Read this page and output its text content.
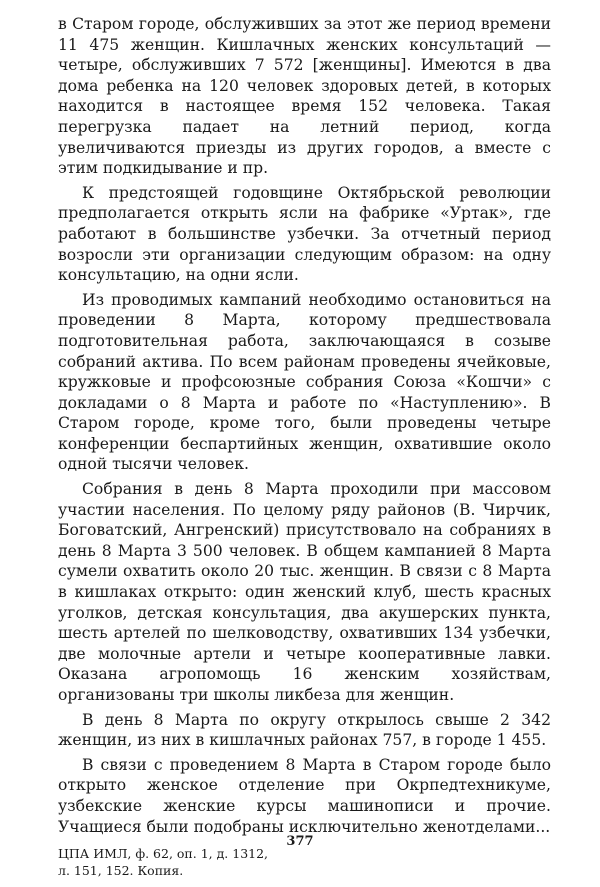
в Старом городе, обслуживших за этот же период времени 11 475 женщин. Кишлачных женских консультаций — четыре, обслуживших 7 572 [женщины]. Имеются в два дома ребенка на 120 человек здоровых детей, в которых находится в настоящее время 152 человека. Такая перегрузка падает на летний период, когда увеличиваются приезды из других городов, а вместе с этим подкидывание и пр.

К предстоящей годовщине Октябрьской революции предполагается открыть ясли на фабрике «Уртак», где работают в большинстве узбечки. За отчетный период возросли эти организации следующим образом: на одну консультацию, на одни ясли.

Из проводимых кампаний необходимо остановиться на проведении 8 Марта, которому предшествовала подготовительная работа, заключающаяся в созыве собраний актива. По всем районам проведены ячейковые, кружковые и профсоюзные собрания Союза «Кошчи» с докладами о 8 Марта и работе по «Наступлению». В Старом городе, кроме того, были проведены четыре конференции беспартийных женщин, охватившие около одной тысячи человек.

Собрания в день 8 Марта проходили при массовом участии населения. По целому ряду районов (В. Чирчик, Боговатский, Ангренский) присутствовало на собраниях в день 8 Марта 3 500 человек. В общем кампанией 8 Марта сумели охватить около 20 тыс. женщин. В связи с 8 Марта в кишлаках открыто: один женский клуб, шесть красных уголков, детская консультация, два акушерских пункта, шесть артелей по шелководству, охвативших 134 узбечки, две молочные артели и четыре кооперативные лавки. Оказана агропомощь 16 женским хозяйствам, организованы три школы ликбеза для женщин.

В день 8 Марта по округу открылось свыше 2 342 женщин, из них в кишлачных районах 757, в городе 1 455.

В связи с проведением 8 Марта в Старом городе было открыто женское отделение при Окрпедтехникуме, узбекские женские курсы машинописи и прочие. Учащиеся были подобраны исключительно женотделами...

ЦПА ИМЛ, ф. 62, оп. 1, д. 1312,
л. 151, 152. Копия.
377
